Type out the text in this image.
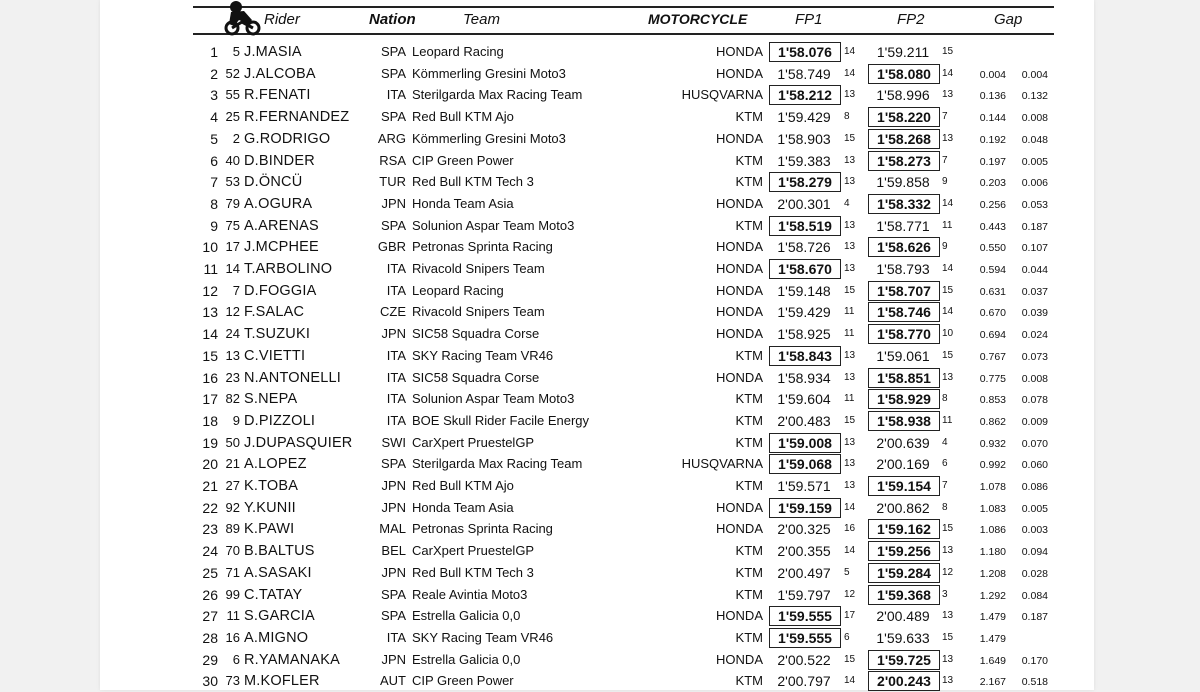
Rider	Nation	Team	MOTORCYCLE	FP1	FP2	Gap
1	5 J.MASIA	SPA Leopard Racing	HONDA	1'58.076	14	1'59.211	15
2 52 J.ALCOBA	SPA Kömmerling Gresini Moto3	HONDA	1'58.749	14	1'58.080	14	0.004	0.004
3 55 R.FENATI	ITA Sterilgarda Max Racing Team	HUSQVARNA	1'58.212	13	1'58.996	13	0.136	0.132
4 25 R.FERNANDEZ	SPA Red Bull KTM Ajo	KTM	1'59.429	8	1'58.220	7	0.144	0.008
5	2 G.RODRIGO	ARG Kömmerling Gresini Moto3	HONDA	1'58.903	15	1'58.268	13	0.192	0.048
6 40 D.BINDER	RSA CIP Green Power	KTM	1'59.383	13	1'58.273	7	0.197	0.005
7 53 D.ÖNCÜ	TUR Red Bull KTM Tech 3	KTM	1'58.279	13	1'59.858	9	0.203	0.006
8 79 A.OGURA	JPN Honda Team Asia	HONDA	2'00.301	4	1'58.332	14	0.256	0.053
9 75 A.ARENAS	SPA Solunion Aspar Team Moto3	KTM	1'58.519	13	1'58.771	11	0.443	0.187
10 17 J.MCPHEE	GBR Petronas Sprinta Racing	HONDA	1'58.726	13	1'58.626	9	0.550	0.107
11 14 T.ARBOLINO	ITA Rivacold Snipers Team	HONDA	1'58.670	13	1'58.793	14	0.594	0.044
12	7 D.FOGGIA	ITA Leopard Racing	HONDA	1'59.148	15	1'58.707	15	0.631	0.037
13 12 F.SALAC	CZE Rivacold Snipers Team	HONDA	1'59.429	11	1'58.746	14	0.670	0.039
14 24 T.SUZUKI	JPN SIC58 Squadra Corse	HONDA	1'58.925	11	1'58.770	10	0.694	0.024
15 13 C.VIETTI	ITA SKY Racing Team VR46	KTM	1'58.843	13	1'59.061	15	0.767	0.073
16 23 N.ANTONELLI	ITA SIC58 Squadra Corse	HONDA	1'58.934	13	1'58.851	13	0.775	0.008
17 82 S.NEPA	ITA Solunion Aspar Team Moto3	KTM	1'59.604	11	1'58.929	8	0.853	0.078
18	9 D.PIZZOLI	ITA BOE Skull Rider Facile Energy	KTM	2'00.483	15	1'58.938	11	0.862	0.009
19 50 J.DUPASQUIER	SWI CarXpert PruestelGP	KTM	1'59.008	13	2'00.639	4	0.932	0.070
20 21 A.LOPEZ	SPA Sterilgarda Max Racing Team	HUSQVARNA	1'59.068	13	2'00.169	6	0.992	0.060
21 27 K.TOBA	JPN Red Bull KTM Ajo	KTM	1'59.571	13	1'59.154	7	1.078	0.086
22 92 Y.KUNII	JPN Honda Team Asia	HONDA	1'59.159	14	2'00.862	8	1.083	0.005
23 89 K.PAWI	MAL Petronas Sprinta Racing	HONDA	2'00.325	16	1'59.162	15	1.086	0.003
24 70 B.BALTUS	BEL CarXpert PruestelGP	KTM	2'00.355	14	1'59.256	13	1.180	0.094
25 71 A.SASAKI	JPN Red Bull KTM Tech 3	KTM	2'00.497	5	1'59.284	12	1.208	0.028
26 99 C.TATAY	SPA Reale Avintia Moto3	KTM	1'59.797	12	1'59.368	3	1.292	0.084
27 11 S.GARCIA	SPA Estrella Galicia 0,0	HONDA	1'59.555	17	2'00.489	13	1.479	0.187
28 16 A.MIGNO	ITA SKY Racing Team VR46	KTM	1'59.555	6	1'59.633	15	1.479
29	6 R.YAMANAKA	JPN Estrella Galicia 0,0	HONDA	2'00.522	15	1'59.725	13	1.649	0.170
30 73 M.KOFLER	AUT CIP Green Power	KTM	2'00.797	14	2'00.243	13	2.167	0.518
